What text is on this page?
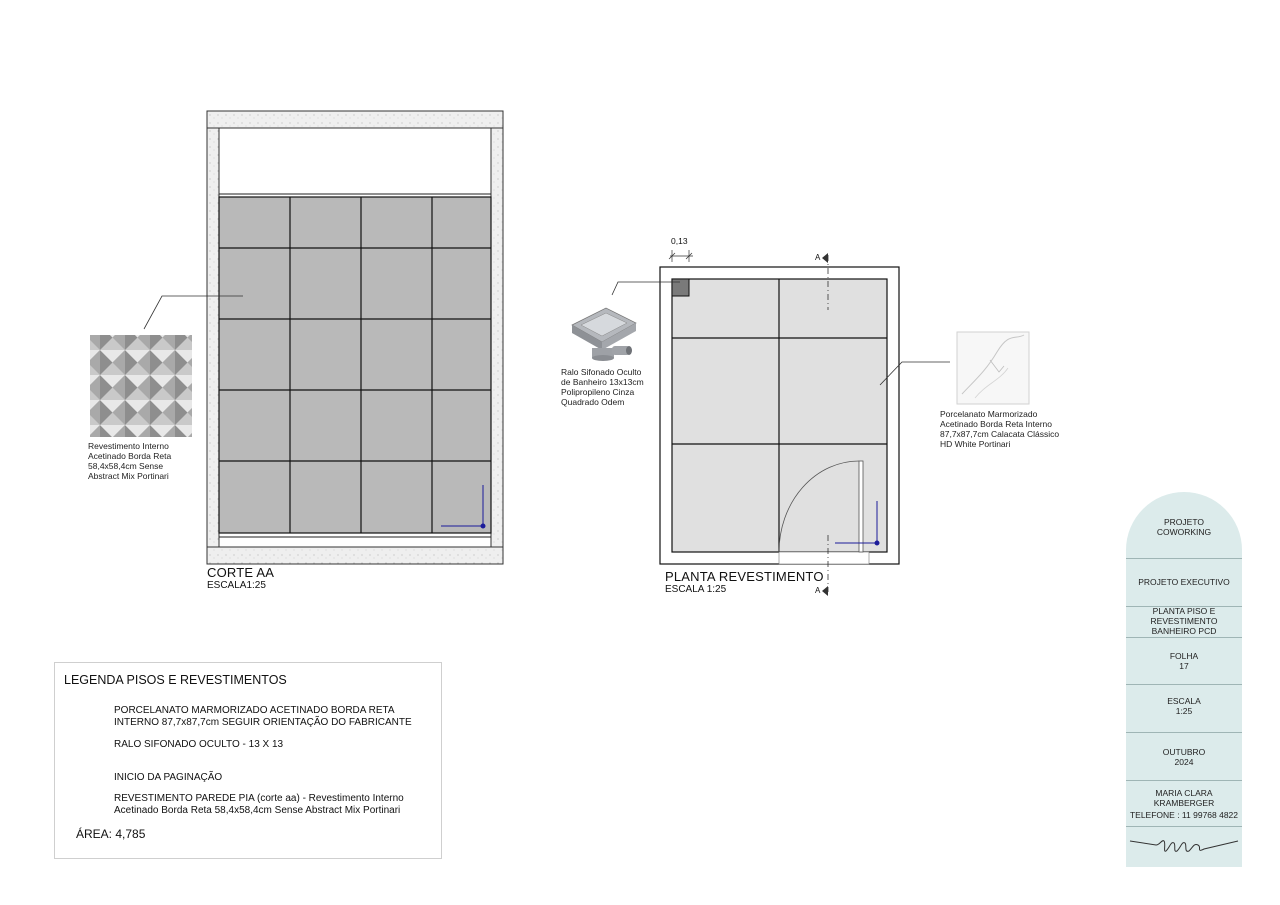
CORTE AA
ESCALA1:25
PLANTA REVESTIMENTO
ESCALA 1:25
0,13
A
A
Revestimento Interno
Acetinado Borda Reta
58,4x58,4cm Sense
Abstract Mix Portinari
Ralo Sifonado Oculto
de Banheiro 13x13cm
Polipropileno Cinza
Quadrado Odem
Porcelanato Marmorizado
Acetinado Borda Reta Interno
87,7x87,7cm Calacata Clássico
HD White Portinari
LEGENDA PISOS E REVESTIMENTOS
PORCELANATO MARMORIZADO ACETINADO BORDA RETA
INTERNO 87,7x87,7cm SEGUIR ORIENTAÇÃO DO FABRICANTE
RALO SIFONADO OCULTO - 13 X 13
INICIO DA PAGINAÇÃO
REVESTIMENTO PAREDE PIA (corte aa) - Revestimento Interno
Acetinado Borda Reta 58,4x58,4cm Sense Abstract Mix Portinari
ÁREA: 4,785
PROJETO
COWORKING
PROJETO EXECUTIVO
PLANTA PISO E
REVESTIMENTO
BANHEIRO PCD
FOLHA
17
ESCALA
1:25
OUTUBRO
2024
MARIA CLARA
KRAMBERGER
TELEFONE : 11 99768 4822
